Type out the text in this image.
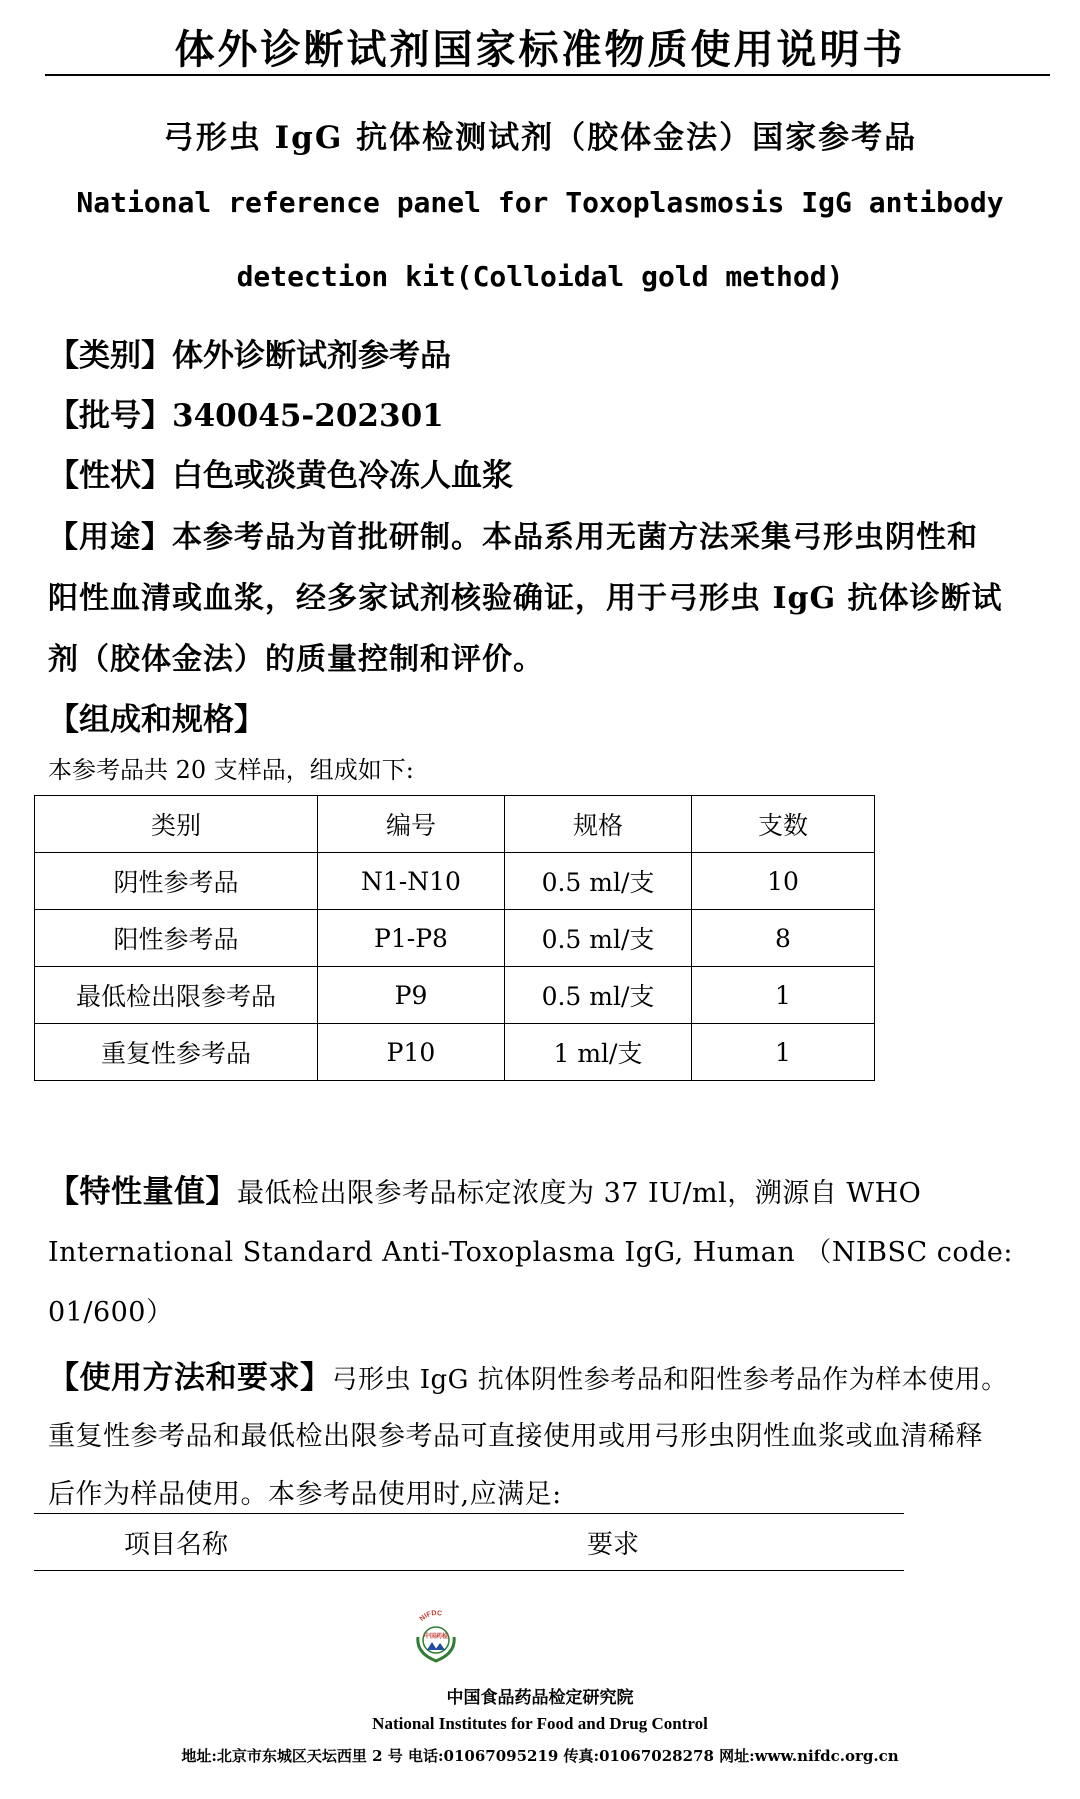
体外诊断试剂国家标准物质使用说明书
弓形虫 IgG 抗体检测试剂（胶体金法）国家参考品
National reference panel for Toxoplasmosis IgG antibody
detection kit(Colloidal gold method)
【类别】体外诊断试剂参考品
【批号】340045-202301
【性状】白色或淡黄色冷冻人血浆
【用途】本参考品为首批研制。本品系用无菌方法采集弓形虫阴性和
阳性血清或血浆，经多家试剂核验确证，用于弓形虫 IgG 抗体诊断试
剂（胶体金法）的质量控制和评价。
【组成和规格】
本参考品共 20 支样品，组成如下:
类别	编号	规格	支数
阴性参考品	N1-N10	0.5 ml/支	10
阳性参考品	P1-P8	0.5 ml/支	8
最低检出限参考品	P9	0.5 ml/支	1
重复性参考品	P10	1 ml/支	1
【特性量值】最低检出限参考品标定浓度为 37 IU/ml，溯源自 WHO
International Standard Anti-Toxoplasma IgG, Human （NIBSC code:
01/600）
【使用方法和要求】弓形虫 IgG 抗体阴性参考品和阳性参考品作为样本使用。
重复性参考品和最低检出限参考品可直接使用或用弓形虫阴性血浆或血清稀释
后作为样品使用。本参考品使用时,应满足:
项目名称	要求
NIFDC
中国药检
中国食品药品检定研究院
National Institutes for Food and Drug Control
地址:北京市东城区天坛西里 2 号 电话:01067095219 传真:01067028278 网址:www.nifdc.org.cn
